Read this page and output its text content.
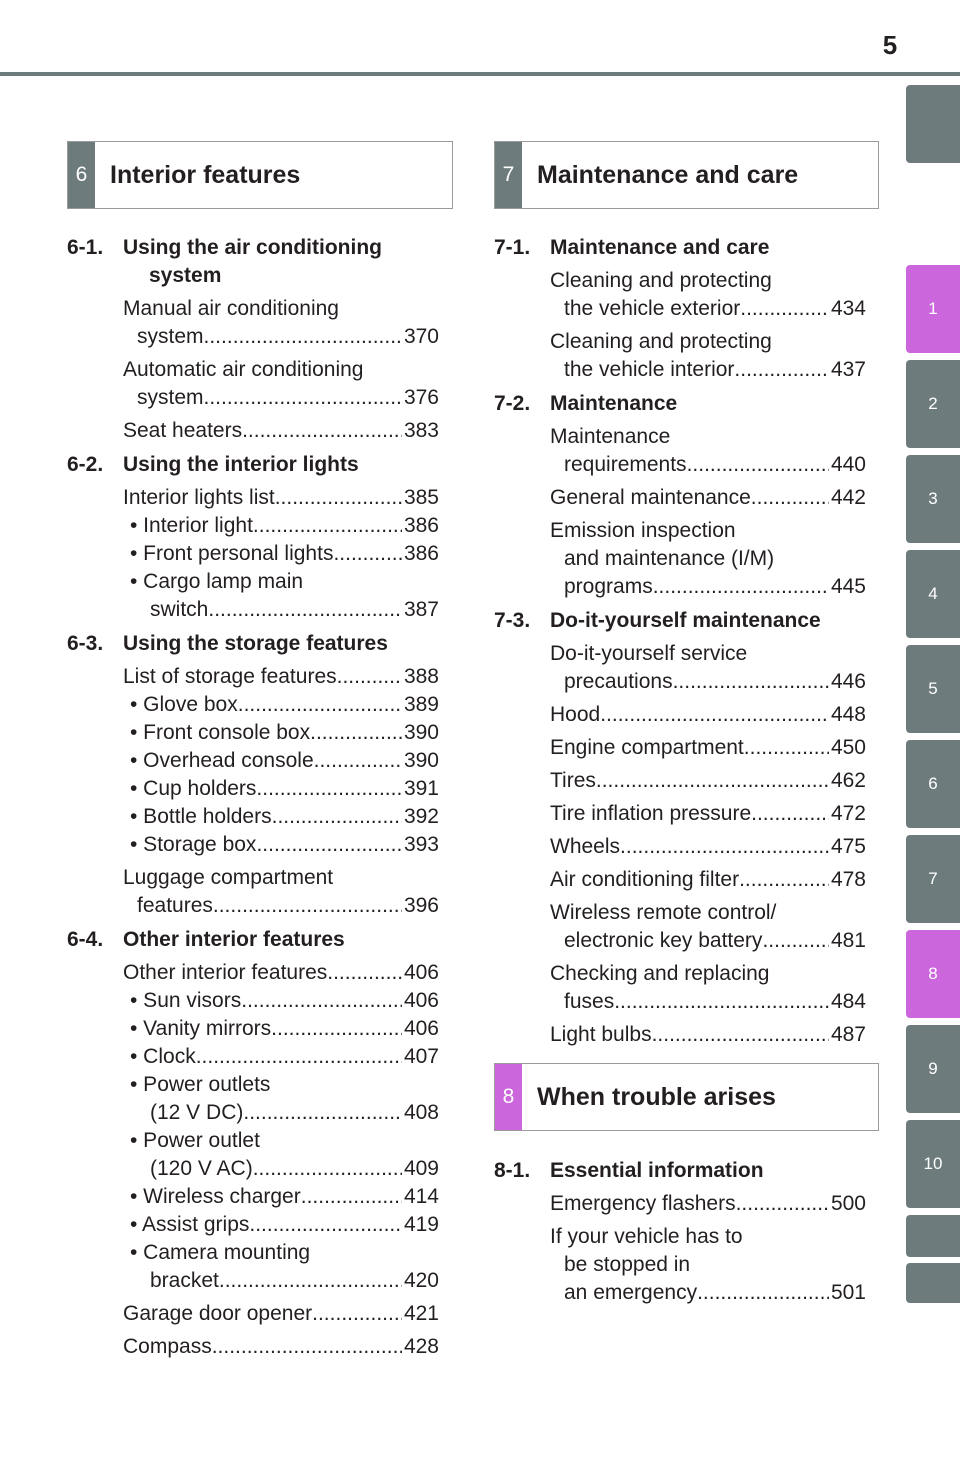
5
1
2
3
4
5
6
7
8
9
10
6 Interior features	7 Maintenance and care
8 When trouble arises
6-1. Using the air conditioning
system
Manual air conditioning
system .....	370
Automatic air conditioning
system .....	376
Seat heaters .....	383
6-2. Using the interior lights
Interior lights list .....	385
• Interior light .....	386
• Front personal lights .....	386
• Cargo lamp main
switch .....	387
6-3. Using the storage features
List of storage features .....	388
• Glove box .....	389
• Front console box .....	390
• Overhead console .....	390
• Cup holders .....	391
• Bottle holders .....	392
• Storage box .....	393
Luggage compartment
features .....	396
6-4. Other interior features
Other interior features .....	406
• Sun visors .....	406
• Vanity mirrors .....	406
• Clock .....	407
• Power outlets
(12 V DC) .....	408
• Power outlet
(120 V AC) .....	409
• Wireless charger .....	414
• Assist grips .....	419
• Camera mounting
bracket .....	420
Garage door opener .....	421
Compass .....	428
7-1. Maintenance and care
Cleaning and protecting
the vehicle exterior .....	434
Cleaning and protecting
the vehicle interior .....	437
7-2. Maintenance
Maintenance
requirements .....	440
General maintenance .....	442
Emission inspection
and maintenance (I/M)
programs .....	445
7-3. Do-it-yourself maintenance
Do-it-yourself service
precautions .....	446
Hood .....	448
Engine compartment .....	450
Tires .....	462
Tire inflation pressure .....	472
Wheels .....	475
Air conditioning filter .....	478
Wireless remote control/
electronic key battery .....	481
Checking and replacing
fuses .....	484
Light bulbs .....	487
8-1. Essential information
Emergency flashers .....	500
If your vehicle has to
be stopped in
an emergency .....	501
